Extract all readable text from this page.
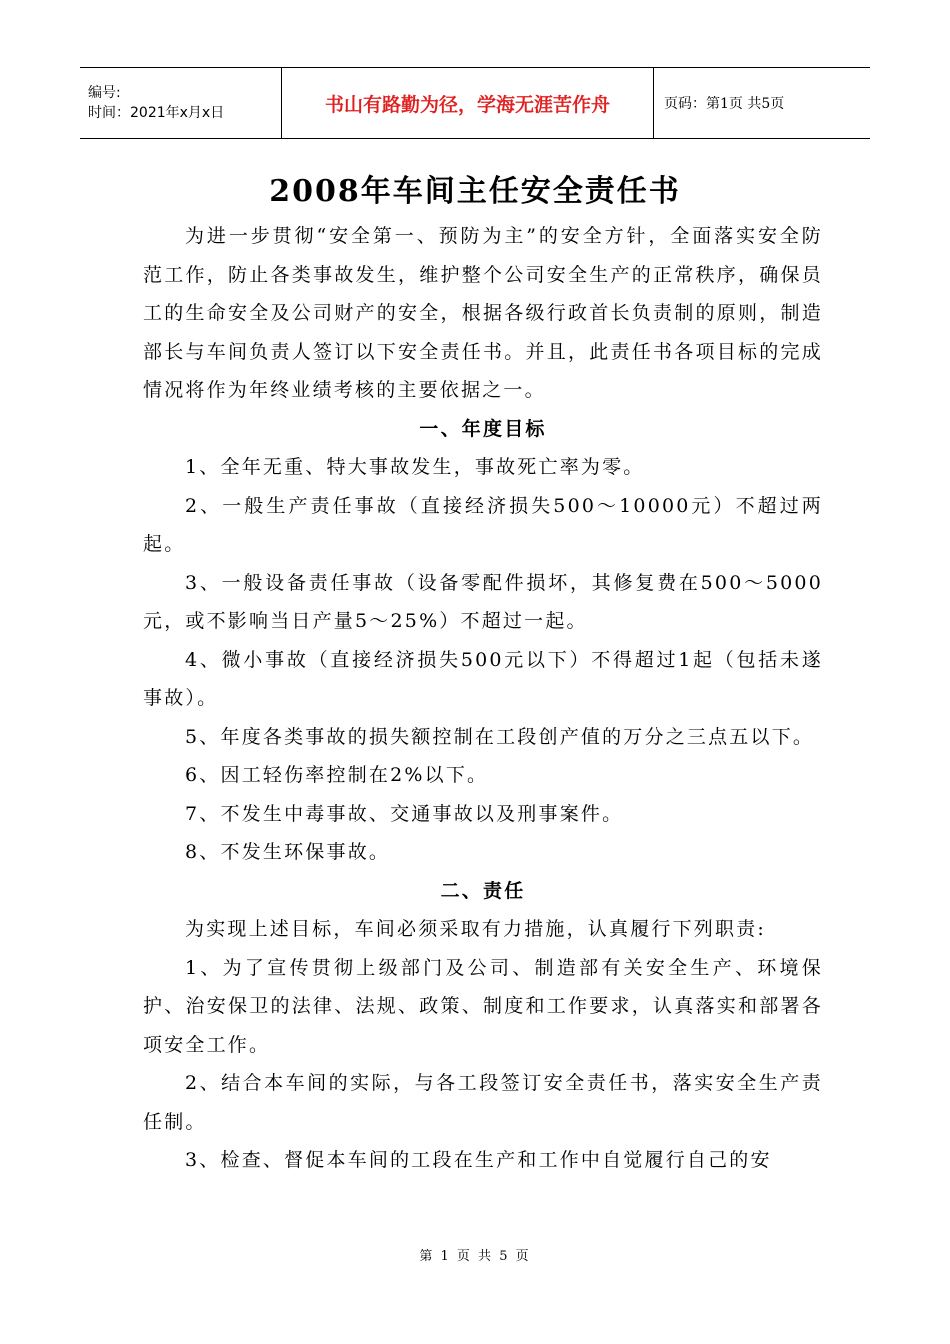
编号:
时间：2021年x月x日	书山有路勤为径，学海无涯苦作舟	页码：第1页 共5页
2008年车间主任安全责任书

为进一步贯彻“安全第一、预防为主”的安全方针，全面落实安全防范工作，防止各类事故发生，维护整个公司安全生产的正常秩序，确保员工的生命安全及公司财产的安全，根据各级行政首长负责制的原则，制造部长与车间负责人签订以下安全责任书。并且，此责任书各项目标的完成情况将作为年终业绩考核的主要依据之一。

一、年度目标

1、全年无重、特大事故发生，事故死亡率为零。

2、一般生产责任事故（直接经济损失500～10000元）不超过两起。

3、一般设备责任事故（设备零配件损坏，其修复费在500～5000元，或不影响当日产量5～25%）不超过一起。

4、微小事故（直接经济损失500元以下）不得超过1起（包括未遂事故）。

5、年度各类事故的损失额控制在工段创产值的万分之三点五以下。

6、因工轻伤率控制在2%以下。

7、不发生中毒事故、交通事故以及刑事案件。

8、不发生环保事故。

二、责任

为实现上述目标，车间必须采取有力措施，认真履行下列职责:

1、为了宣传贯彻上级部门及公司、制造部有关安全生产、环境保护、治安保卫的法律、法规、政策、制度和工作要求，认真落实和部署各项安全工作。

2、结合本车间的实际，与各工段签订安全责任书，落实安全生产责任制。

3、检查、督促本车间的工段在生产和工作中自觉履行自己的安

第 1 页 共 5 页
